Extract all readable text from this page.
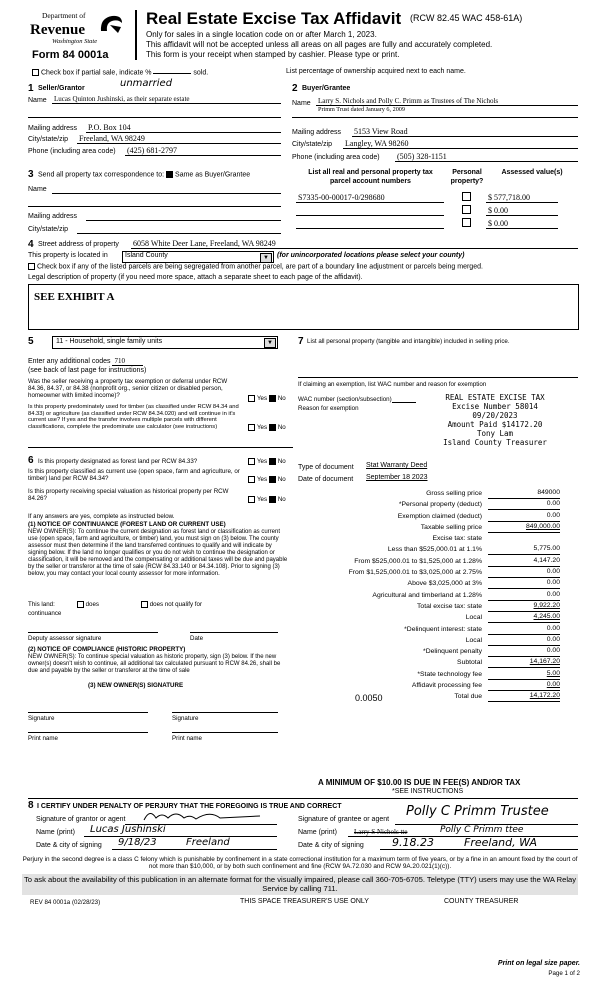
Department of
Revenue
Washington State
Form 84 0001a
Real Estate Excise Tax Affidavit (RCW 82.45 WAC 458-61A)
Only for sales in a single location code on or after March 1, 2023.
This affidavit will not be accepted unless all areas on all pages are fully and accurately completed.
This form is your receipt when stamped by cashier. Please type or print.
Check box if partial sale, indicate %	sold.	List percentage of ownership acquired next to each name.
1 Seller/Grantor	unmarried
Name Lucas Quinton Jushinski, as their separate estate
Mailing address P.O. Box 104
City/state/zip Freeland, WA 98249
Phone (including area code) (425) 681-2797
2 Buyer/Grantee
Name Larry S. Nichols and Polly C. Primm as Trustees of The Nichols
Primm Trust dated January 6, 2009
Mailing address 5153 View Road
City/state/zip Langley, WA 98260
Phone (including area code) (505) 328-1151
3 Send all property tax correspondence to: Same as Buyer/Grantee
Name
Mailing address
City/state/zip
List all real and personal property tax parcel account numbers
Personal property?
Assessed value(s)
S7335-00-00017-0/298680	$ 577,718.00
$ 0.00
$ 0.00
4 Street address of property 6058 White Deer Lane, Freeland, WA 98249
This property is located in Island County	▼	(for unincorporated locations please select your county)
Check box if any of the listed parcels are being segregated from another parcel, are part of a boundary line adjustment or parcels being merged.
Legal description of property (if you need more space, attach a separate sheet to each page of the affidavit).
SEE EXHIBIT A
5	11 - Household, single family units	▼
Enter any additional codes 710
(see back of last page for instructions)
Was the seller receiving a property tax exemption or deferral under RCW 84.36, 84.37, or 84.38 (nonprofit org., senior citizen or disabled person, homeowner with limited income)?	Yes No
Is this property predominately used for timber (as classified under RCW 84.34 and 84.33) or agriculture (as classified under RCW 84.34.020) and will continue in it's current use? If yes and the transfer involves multiple parcels with different classifications, complete the predominate use calculator (see instructions)	Yes No
6 Is this property designated as forest land per RCW 84.33?	Yes No
Is this property classified as current use (open space, farm and agriculture, or timber) land per RCW 84.34?	Yes No
Is this property receiving special valuation as historical property per RCW 84.26?	Yes No
If any answers are yes, complete as instructed below.
(1) NOTICE OF CONTINUANCE (FOREST LAND OR CURRENT USE)
NEW OWNER(S): To continue the current designation as forest land or classification as current use (open space, farm and agriculture, or timber) land, you must sign on (3) below. The county assessor must then determine if the land transferred continues to qualify and will indicate by signing below. If the land no longer qualifies or you do not wish to continue the designation or classification, it will be removed and the compensating or additional taxes will be due and payable by the seller or transferor at the time of sale (RCW 84.33.140 or 84.34.108). Prior to signing (3) below, you may contact your local county assessor for more information.
This land:	does	does not qualify for
continuance
Deputy assessor signature	Date
(2) NOTICE OF COMPLIANCE (HISTORIC PROPERTY)
NEW OWNER(S): To continue special valuation as historic property, sign (3) below. If the new owner(s) doesn't wish to continue, all additional tax calculated pursuant to RCW 84.26, shall be due and payable by the seller or transferor at the time of sale
(3) NEW OWNER(S) SIGNATURE
Signature	Signature
Print name	Print name
7 List all personal property (tangible and intangible) included in selling price.
If claiming an exemption, list WAC number and reason for exemption
WAC number (section/subsection)
Reason for exemption
REAL ESTATE EXCISE TAX
Excise Number 58014
09/20/2023
Amount Paid $14172.20
Tony Lam
Island County Treasurer
Type of document Stat Warranty Deed
Date of document September 18 2023
Gross selling price	849000
*Personal property (deduct)	0.00
Exemption claimed (deduct)	0.00
Taxable selling price	849,000.00
Excise tax: state
Less than $525,000.01 at 1.1%	5,775.00
From $525,000.01 to $1,525,000 at 1.28%	4,147.20
From $1,525,000.01 to $3,025,000 at 2.75%	0.00
Above $3,025,000 at 3%	0.00
Agricultural and timberland at 1.28%	0.00
Total excise tax: state	9,922.20
Local	4,245.00
*Delinquent interest: state	0.00
Local	0.00
*Delinquent penalty	0.00
Subtotal	14,167.20
*State technology fee	5.00
Affidavit processing fee	0.00
Total due	14,172.20
0.0050
A MINIMUM OF $10.00 IS DUE IN FEE(S) AND/OR TAX
*SEE INSTRUCTIONS
8 I CERTIFY UNDER PENALTY OF PERJURY THAT THE FOREGOING IS TRUE AND CORRECT
Signature of grantor or agent
Name (print) Lucas Jushinski
Date & city of signing 9/18/23	Freeland
Signature of grantee or agent
Polly C Primm Trustee
Name (print) Larry S Nichols tte	Polly C Primm ttee
Date & city of signing	9.18.23	Freeland, WA
Perjury in the second degree is a class C felony which is punishable by confinement in a state correctional institution for a maximum term of five years, or by a fine in an amount fixed by the court of not more than $10,000, or by both such confinement and fine (RCW 9A.72.030 and RCW 9A.20.021(1)(c)).
To ask about the availability of this publication in an alternate format for the visually impaired, please call 360-705-6705. Teletype (TTY) users may use the WA Relay Service by calling 711.
REV 84 0001a (02/28/23)	THIS SPACE TREASURER'S USE ONLY	COUNTY TREASURER
Print on legal size paper.
Page 1 of 2
